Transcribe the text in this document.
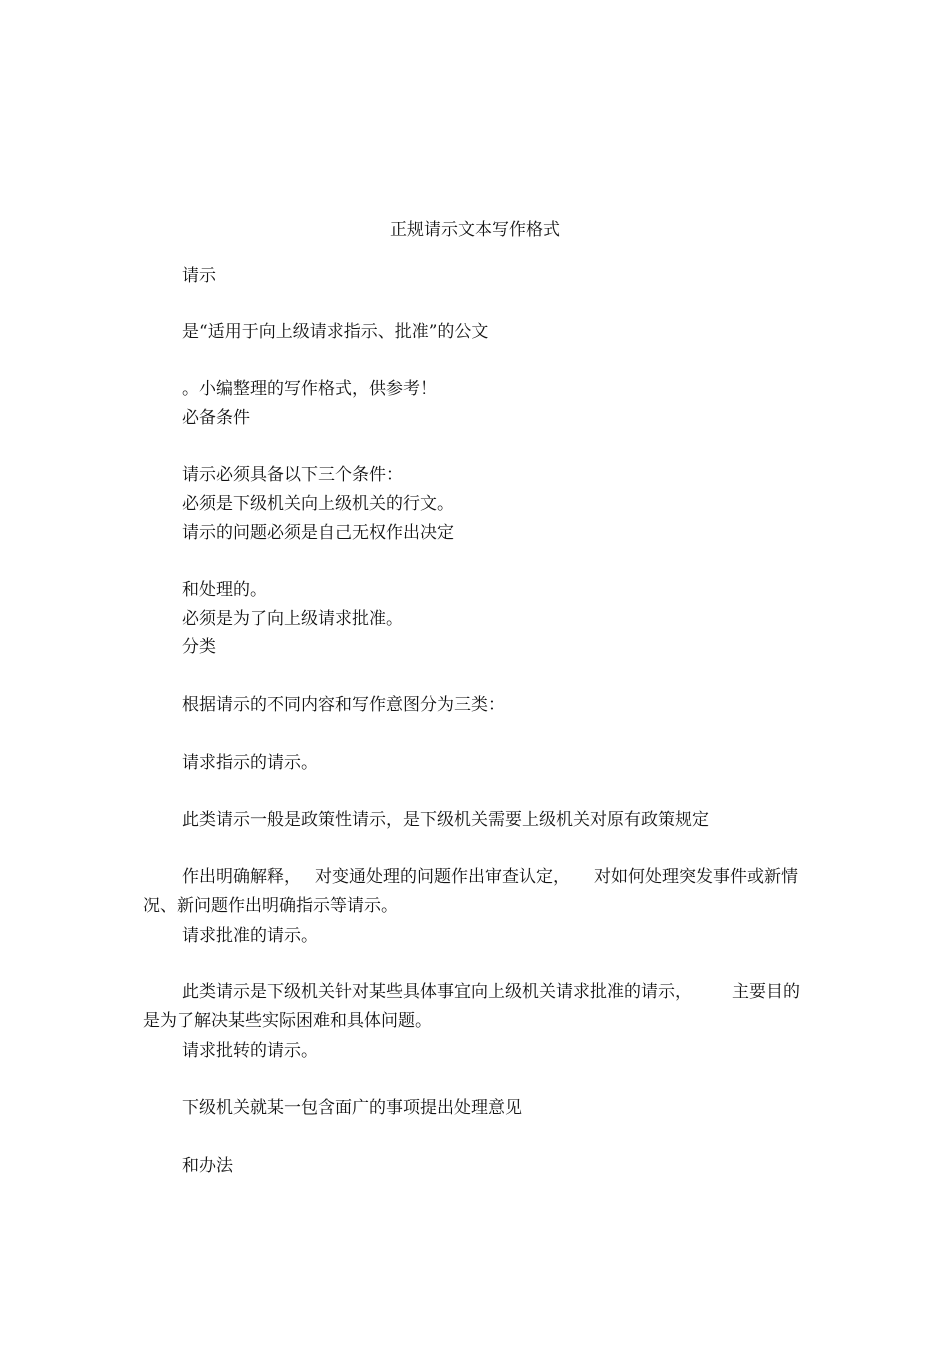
正规请示文本写作格式
请示
是“适用于向上级请求指示、批准”的公文
。小编整理的写作格式，供参考！
必备条件
请示必须具备以下三个条件：
必须是下级机关向上级机关的行文。
请示的问题必须是自己无权作出决定
和处理的。
必须是为了向上级请求批准。
分类
根据请示的不同内容和写作意图分为三类：
请求指示的请示。
此类请示一般是政策性请示，是下级机关需要上级机关对原有政策规定
作出明确解释， 对变通处理的问题作出审查认定， 对如何处理突发事件或新情况、新问题作出明确指示等请示。
请求批准的请示。
此类请示是下级机关针对某些具体事宜向上级机关请求批准的请示， 主要目的是为了解决某些实际困难和具体问题。
请求批转的请示。
下级机关就某一包含面广的事项提出处理意见
和办法
